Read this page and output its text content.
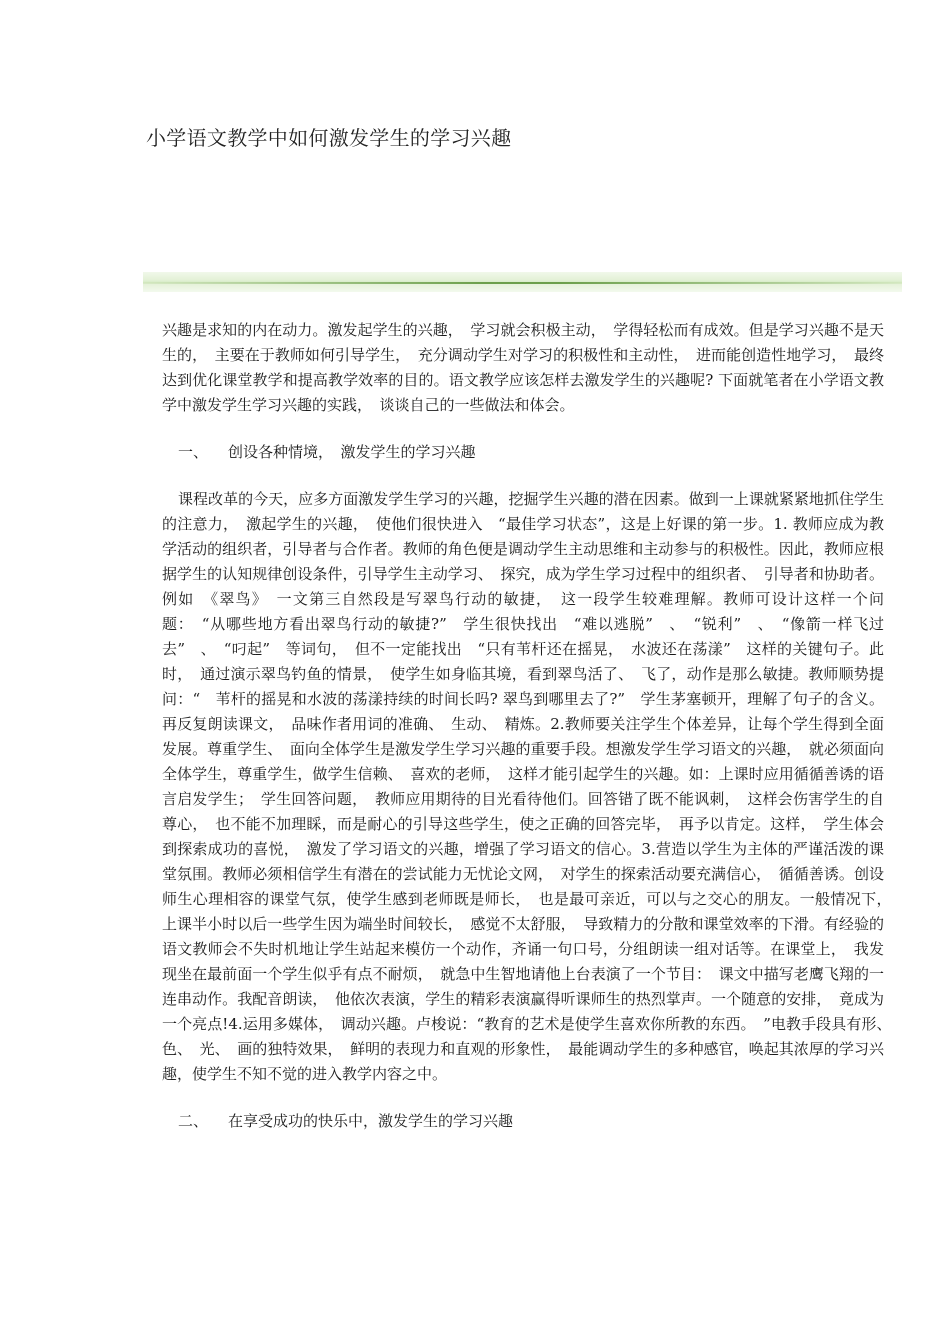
小学语文教学中如何激发学生的学习兴趣

兴趣是求知的内在动力。激发起学生的兴趣，　学习就会积极主动，　学得轻松而有成效。但是学习兴趣不是天生的，　主要在于教师如何引导学生，　充分调动学生对学习的积极性和主动性，　进而能创造性地学习，　最终达到优化课堂教学和提高教学效率的目的。语文教学应该怎样去激发学生的兴趣呢? 下面就笔者在小学语文教学中激发学生学习兴趣的实践，　谈谈自己的一些做法和体会。

一、 创设各种情境，　激发学生的学习兴趣

课程改革的今天，应多方面激发学生学习的兴趣，挖掘学生兴趣的潜在因素。做到一上课就紧紧地抓住学生的注意力，　激起学生的兴趣，　使他们很快进入　“最佳学习状态”，这是上好课的第一步。1. 教师应成为教学活动的组织者，引导者与合作者。教师的角色便是调动学生主动思维和主动参与的积极性。因此，教师应根据学生的认知规律创设条件，引导学生主动学习、　探究，成为学生学习过程中的组织者、　引导者和协助者。例如　《翠鸟》　一文第三自然段是写翠鸟行动的敏捷，　这一段学生较难理解。教师可设计这样一个问题：　“从哪些地方看出翠鸟行动的敏捷?”　学生很快找出　“难以逃脱”　、　“锐利”　、　“像箭一样飞过去”　、　“叼起”　等词句，　但不一定能找出　“只有苇杆还在摇晃，　水波还在荡漾”　这样的关键句子。此时，　通过演示翠鸟钓鱼的情景，　使学生如身临其境，看到翠鸟活了、　飞了，动作是那么敏捷。教师顺势提问：“　苇杆的摇晃和水波的荡漾持续的时间长吗? 翠鸟到哪里去了?”　学生茅塞顿开，理解了句子的含义。再反复朗读课文，　品味作者用词的准确、　生动、　精炼。2.教师要关注学生个体差异，让每个学生得到全面发展。尊重学生、　面向全体学生是激发学生学习兴趣的重要手段。想激发学生学习语文的兴趣，　就必须面向全体学生，尊重学生，做学生信赖、　喜欢的老师，　这样才能引起学生的兴趣。如：上课时应用循循善诱的语言启发学生；　学生回答问题，　教师应用期待的目光看待他们。回答错了既不能讽刺，　这样会伤害学生的自尊心，　也不能不加理睬，而是耐心的引导这些学生，使之正确的回答完毕，　再予以肯定。这样，　学生体会到探索成功的喜悦，　激发了学习语文的兴趣，增强了学习语文的信心。3.营造以学生为主体的严谨活泼的课堂氛围。教师必须相信学生有潜在的尝试能力无忧论文网，　对学生的探索活动要充满信心，　循循善诱。创设师生心理相容的课堂气氛，使学生感到老师既是师长，　也是最可亲近，可以与之交心的朋友。一般情况下，　上课半小时以后一些学生因为端坐时间较长，　感觉不太舒服，　导致精力的分散和课堂效率的下滑。有经验的语文教师会不失时机地让学生站起来模仿一个动作，齐诵一句口号，分组朗读一组对话等。在课堂上，　我发现坐在最前面一个学生似乎有点不耐烦，　就急中生智地请他上台表演了一个节目：　课文中描写老鹰飞翔的一连串动作。我配音朗读，　他依次表演，学生的精彩表演赢得听课师生的热烈掌声。一个随意的安排，　竟成为一个亮点!4.运用多媒体，　调动兴趣。卢梭说：“教育的艺术是使学生喜欢你所教的东西。　”电教手段具有形、　色、　光、　画的独特效果，　鲜明的表现力和直观的形象性，　最能调动学生的多种感官，唤起其浓厚的学习兴趣，使学生不知不觉的进入教学内容之中。

二、 在享受成功的快乐中，激发学生的学习兴趣
